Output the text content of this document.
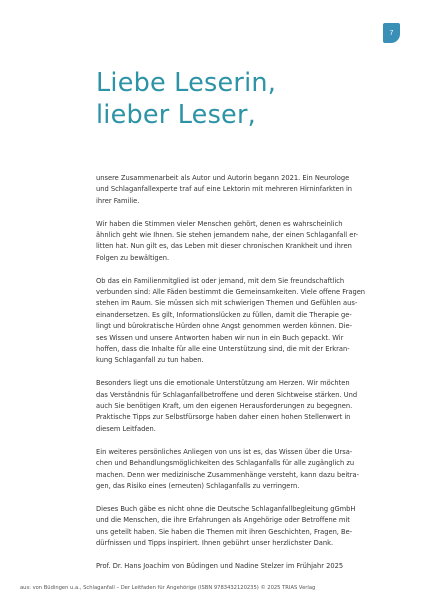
7
Liebe Leserin,
lieber Leser,

unsere Zusammenarbeit als Autor und Autorin begann 2021. Ein Neurologe
und Schlaganfallexperte traf auf eine Lektorin mit mehreren Hirninfarkten in
ihrer Familie.

Wir haben die Stimmen vieler Menschen gehört, denen es wahrscheinlich
ähnlich geht wie Ihnen. Sie stehen jemandem nahe, der einen Schlaganfall er-
litten hat. Nun gilt es, das Leben mit dieser chronischen Krankheit und ihren
Folgen zu bewältigen.

Ob das ein Familienmitglied ist oder jemand, mit dem Sie freundschaftlich
verbunden sind: Alle Fäden bestimmt die Gemeinsamkeiten. Viele offene Fragen
stehen im Raum. Sie müssen sich mit schwierigen Themen und Gefühlen aus-
einandersetzen. Es gilt, Informationslücken zu füllen, damit die Therapie ge-
lingt und bürokratische Hürden ohne Angst genommen werden können. Die-
ses Wissen und unsere Antworten haben wir nun in ein Buch gepackt. Wir
hoffen, dass die Inhalte für alle eine Unterstützung sind, die mit der Erkran-
kung Schlaganfall zu tun haben.

Besonders liegt uns die emotionale Unterstützung am Herzen. Wir möchten
das Verständnis für Schlaganfallbetroffene und deren Sichtweise stärken. Und
auch Sie benötigen Kraft, um den eigenen Herausforderungen zu begegnen.
Praktische Tipps zur Selbstfürsorge haben daher einen hohen Stellenwert in
diesem Leitfaden.

Ein weiteres persönliches Anliegen von uns ist es, das Wissen über die Ursa-
chen und Behandlungsmöglichkeiten des Schlaganfalls für alle zugänglich zu
machen. Denn wer medizinische Zusammenhänge versteht, kann dazu beitra-
gen, das Risiko eines (erneuten) Schlaganfalls zu verringern.

Dieses Buch gäbe es nicht ohne die Deutsche Schlaganfallbegleitung gGmbH
und die Menschen, die ihre Erfahrungen als Angehörige oder Betroffene mit
uns geteilt haben. Sie haben die Themen mit ihren Geschichten, Fragen, Be-
dürfnissen und Tipps inspiriert. Ihnen gebührt unser herzlichster Dank.

Prof. Dr. Hans Joachim von Büdingen und Nadine Stelzer im Frühjahr 2025

aus: von Büdingen u.a., Schlaganfall – Der Leitfaden für Angehörige (ISBN 9783432120235) © 2025 TRIAS Verlag
